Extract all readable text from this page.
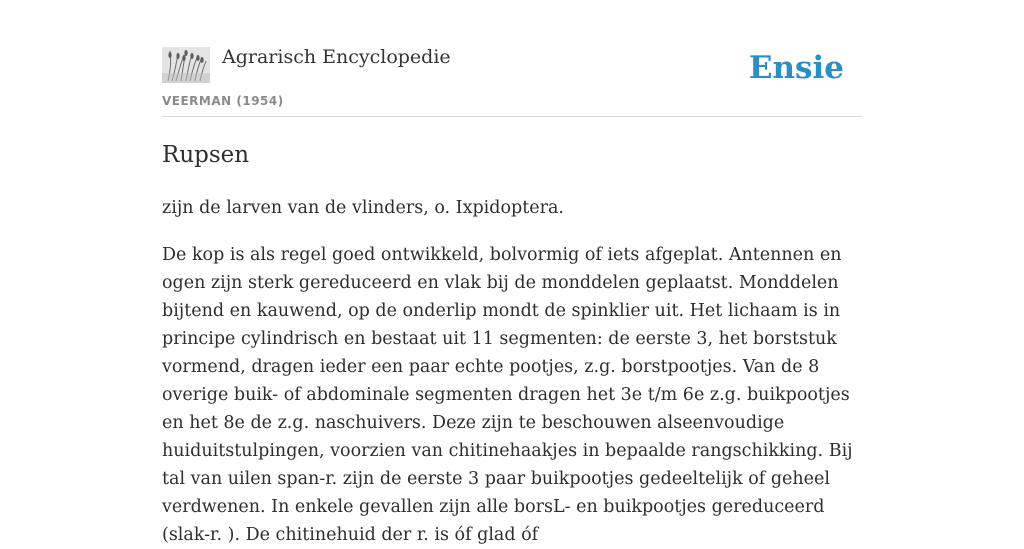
Agrarisch Encyclopedie
VEERMAN (1954)
Ensie
Rupsen

zijn de larven van de vlinders, o. Ixpidoptera.

De kop is als regel goed ontwikkeld, bolvormig of iets afgeplat. Antennen en ogen zijn sterk gereduceerd en vlak bij de monddelen geplaatst. Monddelen bijtend en kauwend, op de onderlip mondt de spinklier uit. Het lichaam is in principe cylindrisch en bestaat uit 11 segmenten: de eerste 3, het borststuk vormend, dragen ieder een paar echte pootjes, z.g. borstpootjes. Van de 8 overige buik- of abdominale segmenten dragen het 3e t/m 6e z.g. buikpootjes en het 8e de z.g. naschuivers. Deze zijn te beschouwen alseenvoudige huiduitstulpingen, voorzien van chitinehaakjes in bepaalde rangschikking. Bij tal van uilen span-r. zijn de eerste 3 paar buikpootjes gedeeltelijk of geheel verdwenen. In enkele gevallen zijn alle borsL- en buikpootjes gereduceerd (slak-r. ). De chitinehuid der r. is óf glad óf
